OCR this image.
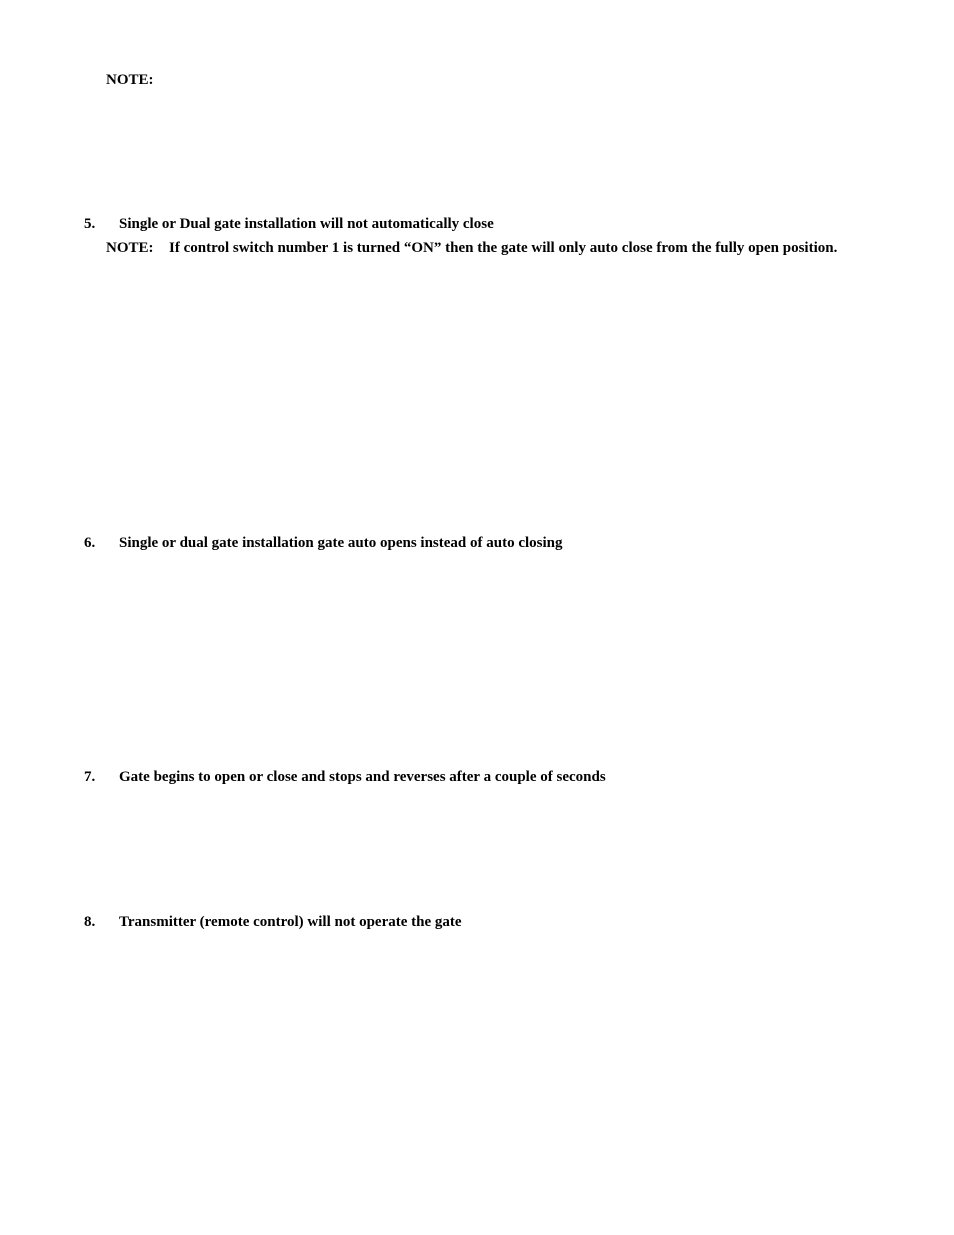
NOTE:
5. Single or Dual gate installation will not automatically close
NOTE: If control switch number 1 is turned “ON” then the gate will only auto close from the fully open position.
6. Single or dual gate installation gate auto opens instead of auto closing
7. Gate begins to open or close and stops and reverses after a couple of seconds
8. Transmitter (remote control) will not operate the gate
